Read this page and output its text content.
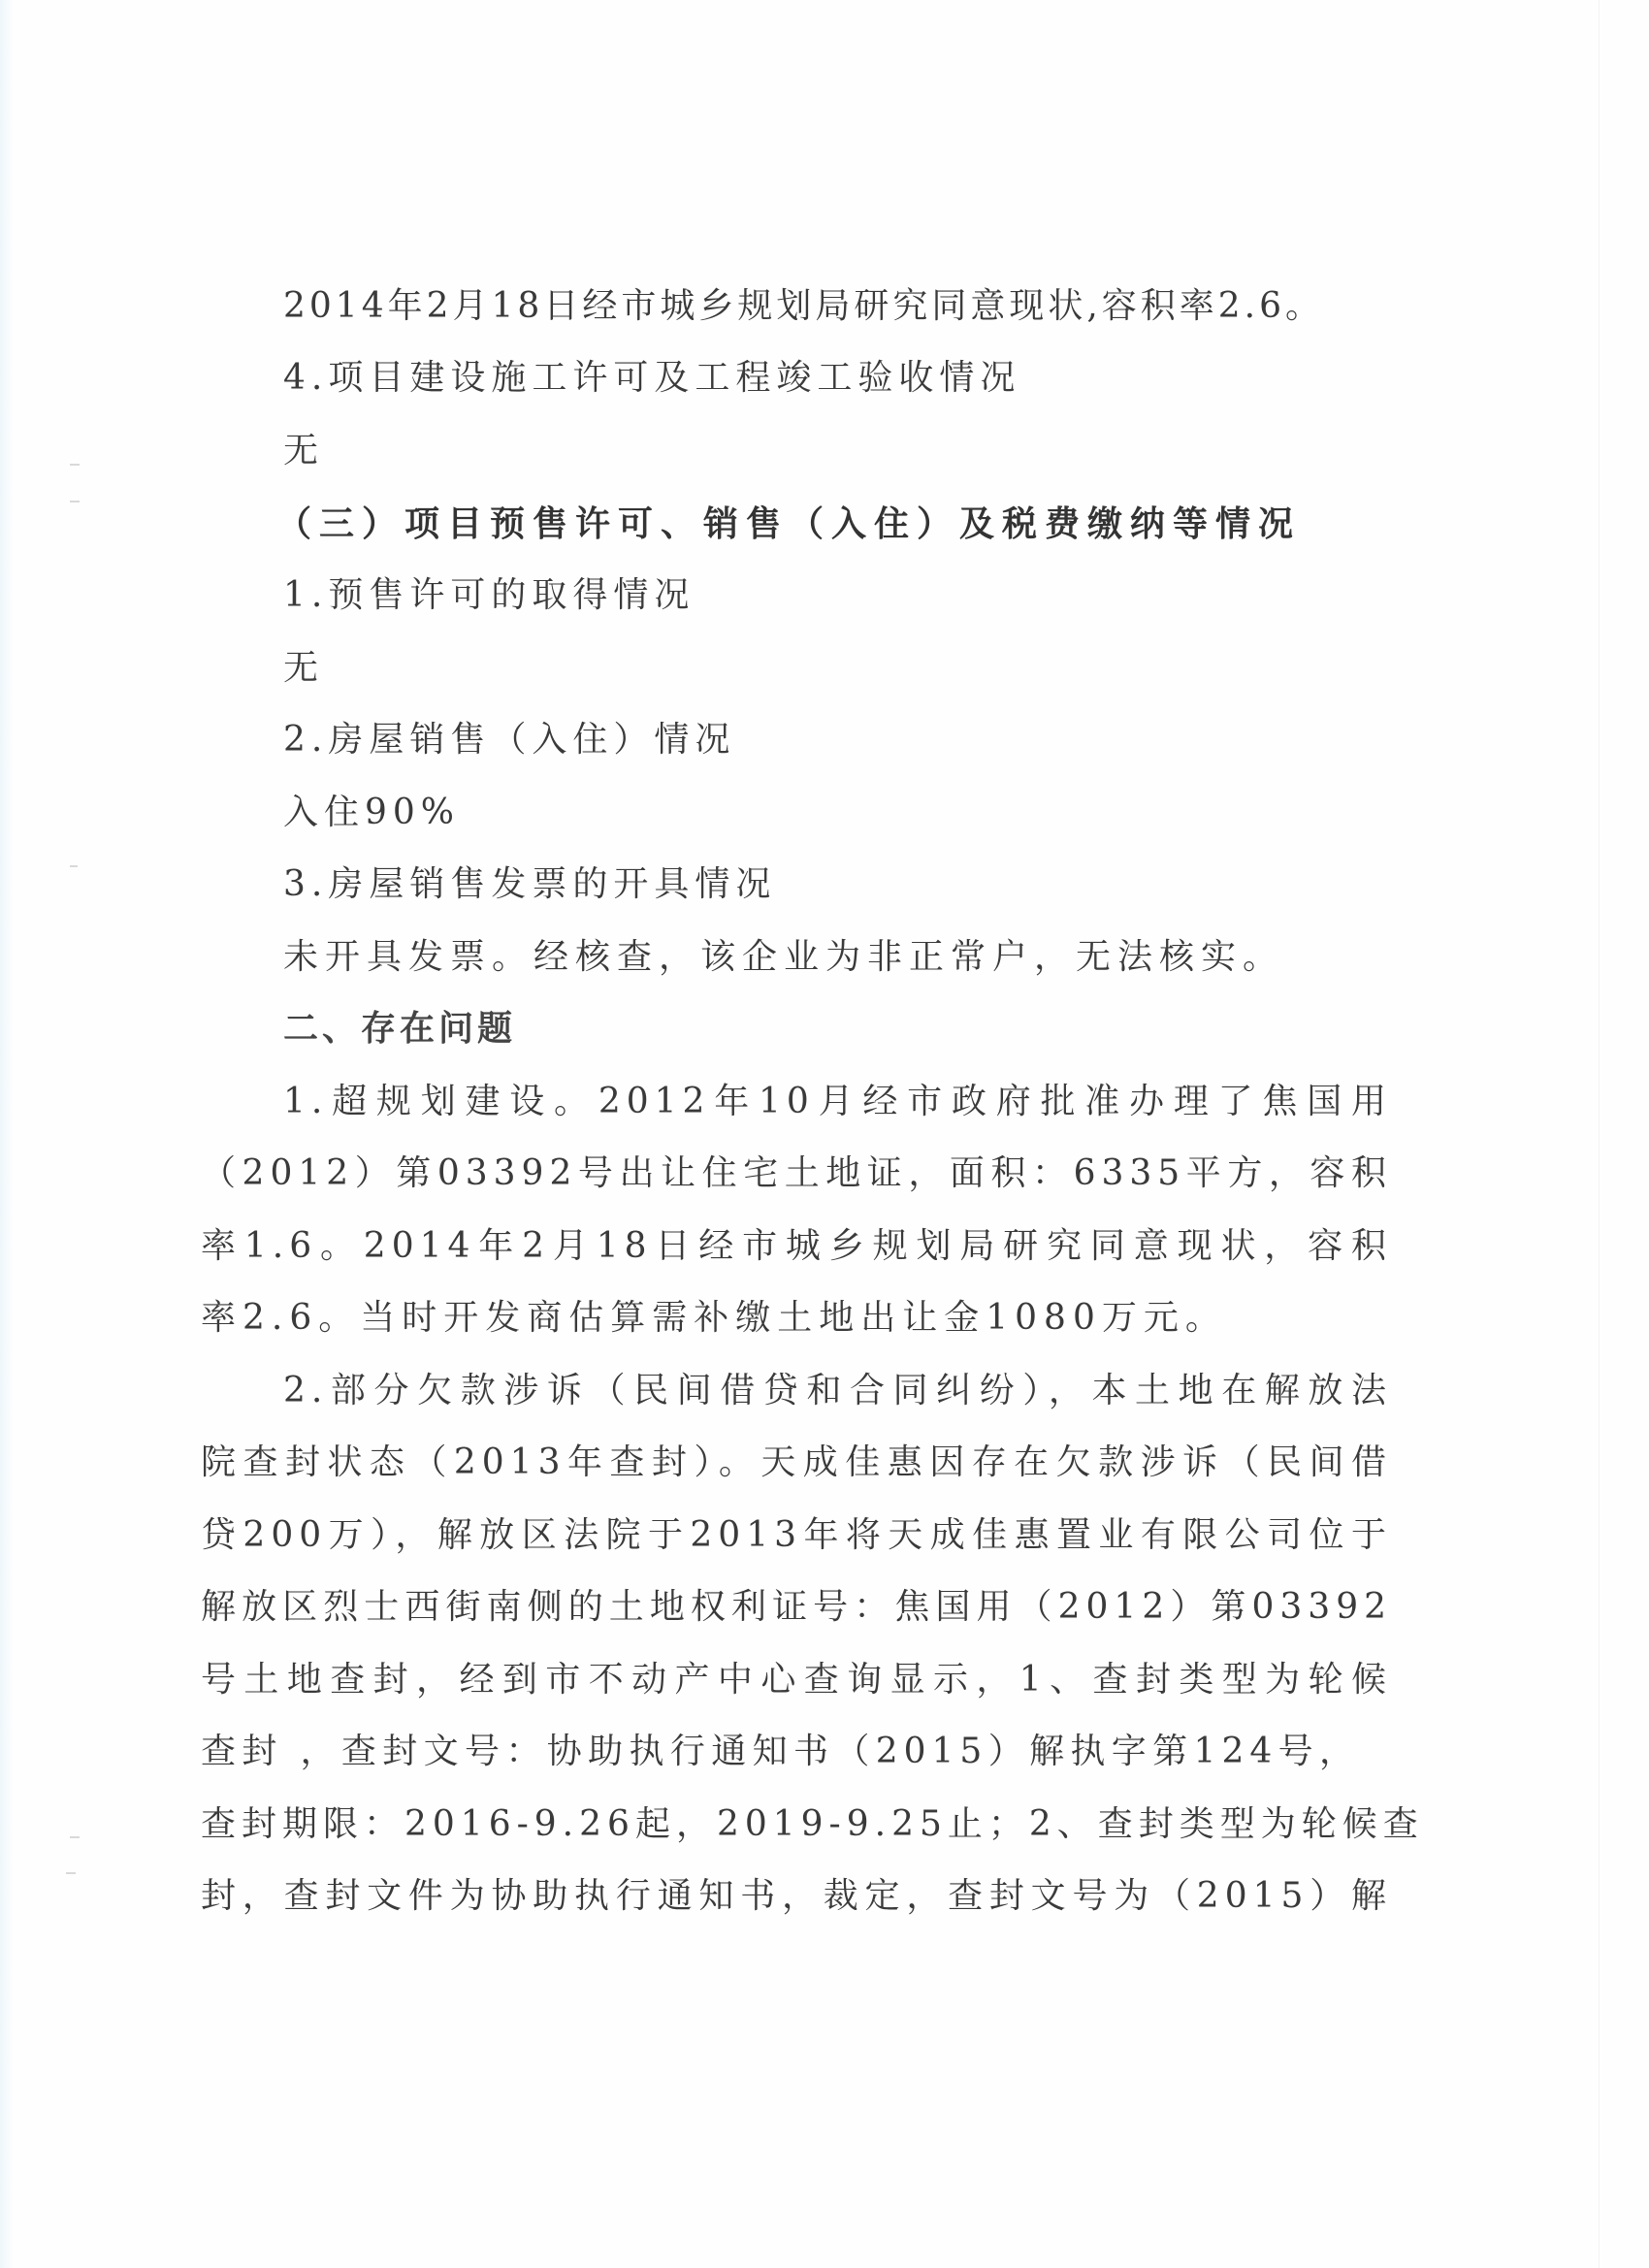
2014年2月18日经市城乡规划局研究同意现状,容积率2.6。
4.项目建设施工许可及工程竣工验收情况
无
（三）项目预售许可、销售（入住）及税费缴纳等情况
1.预售许可的取得情况
无
2.房屋销售（入住）情况
入住90%
3.房屋销售发票的开具情况
未开具发票。经核查，该企业为非正常户，无法核实。
二、存在问题
1.超规划建设。2012年10月经市政府批准办理了焦国用
（2012）第03392号出让住宅土地证，面积：6335平方，容积
率1.6。2014年2月18日经市城乡规划局研究同意现状，容积
率2.6。当时开发商估算需补缴土地出让金1080万元。
2.部分欠款涉诉（民间借贷和合同纠纷），本土地在解放法
院查封状态（2013年查封）。天成佳惠因存在欠款涉诉（民间借
贷200万），解放区法院于2013年将天成佳惠置业有限公司位于
解放区烈士西街南侧的土地权利证号：焦国用（2012）第03392
号土地查封，经到市不动产中心查询显示，1、查封类型为轮候
查封 ，查封文号：协助执行通知书（2015）解执字第124号，
查封期限：2016-9.26起，2019-9.25止；2、查封类型为轮候查
封，查封文件为协助执行通知书，裁定，查封文号为（2015）解
